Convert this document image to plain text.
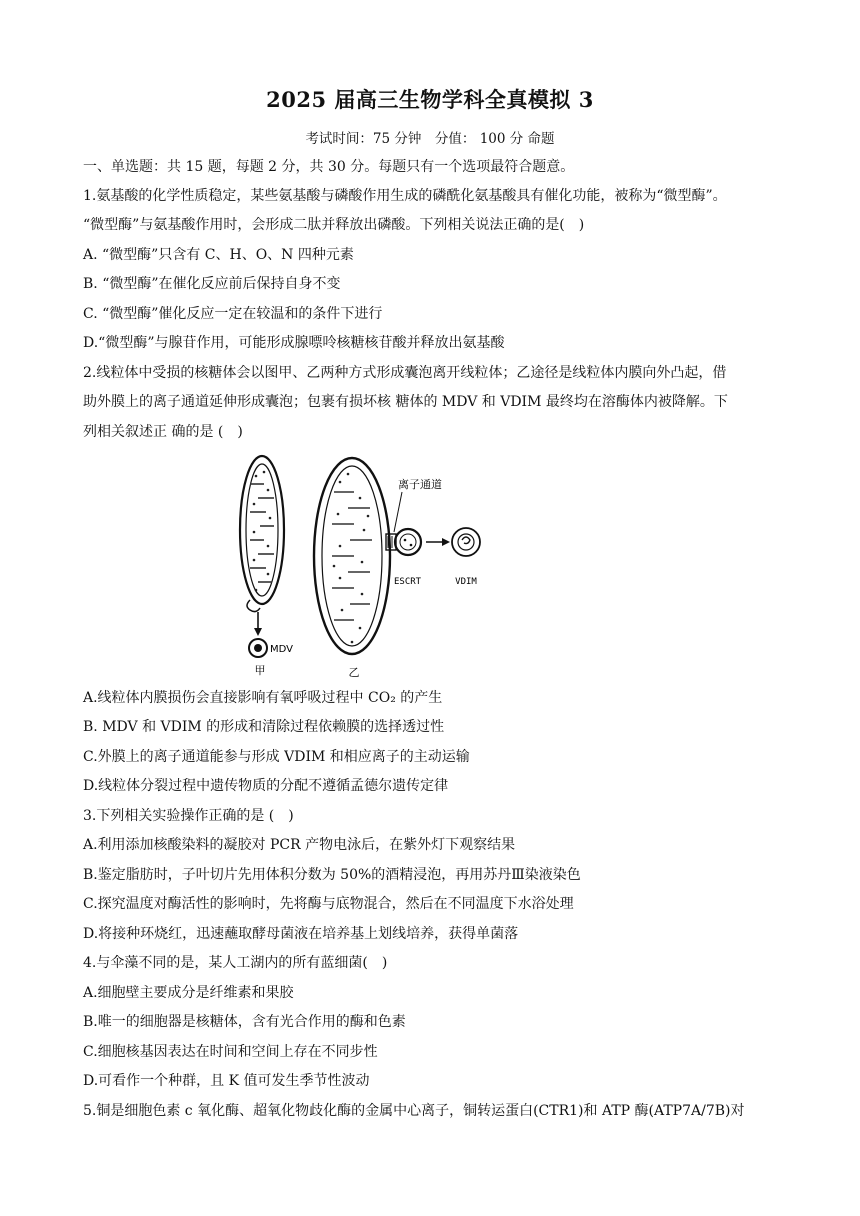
2025 届高三生物学科全真模拟 3
考试时间：75 分钟　分值： 100 分 命题
一、单选题：共 15 题，每题 2 分，共 30 分。每题只有一个选项最符合题意。
1.氨基酸的化学性质稳定，某些氨基酸与磷酸作用生成的磷酰化氨基酸具有催化功能，被称为“微型酶”。
“微型酶”与氨基酸作用时，会形成二肽并释放出磷酸。下列相关说法正确的是(　)
A. “微型酶”只含有 C、H、O、N 四种元素
B. “微型酶”在催化反应前后保持自身不变
C. “微型酶”催化反应一定在较温和的条件下进行
D.“微型酶”与腺苷作用，可能形成腺嘌呤核糖核苷酸并释放出氨基酸
2.线粒体中受损的核糖体会以图甲、乙两种方式形成囊泡离开线粒体；乙途径是线粒体内膜向外凸起，借
助外膜上的离子通道延伸形成囊泡；包裹有损坏核 糖体的 MDV 和 VDIM 最终均在溶酶体内被降解。下
列相关叙述正 确的是 (　)
MDV
甲
离子通道
ESCRT	VDIM
乙
A.线粒体内膜损伤会直接影响有氧呼吸过程中 CO₂ 的产生
B. MDV 和 VDIM 的形成和清除过程依赖膜的选择透过性
C.外膜上的离子通道能参与形成 VDIM 和相应离子的主动运输
D.线粒体分裂过程中遗传物质的分配不遵循孟德尔遗传定律
3.下列相关实验操作正确的是 (　)
A.利用添加核酸染料的凝胶对 PCR 产物电泳后，在紫外灯下观察结果
B.鉴定脂肪时，子叶切片先用体积分数为 50%的酒精浸泡，再用苏丹Ⅲ染液染色
C.探究温度对酶活性的影响时，先将酶与底物混合，然后在不同温度下水浴处理
D.将接种环烧红，迅速蘸取酵母菌液在培养基上划线培养，获得单菌落
4.与伞藻不同的是，某人工湖内的所有蓝细菌(　)
A.细胞壁主要成分是纤维素和果胶
B.唯一的细胞器是核糖体，含有光合作用的酶和色素
C.细胞核基因表达在时间和空间上存在不同步性
D.可看作一个种群，且 K 值可发生季节性波动
5.铜是细胞色素 c 氧化酶、超氧化物歧化酶的金属中心离子，铜转运蛋白(CTR1)和 ATP 酶(ATP7A/7B)对
